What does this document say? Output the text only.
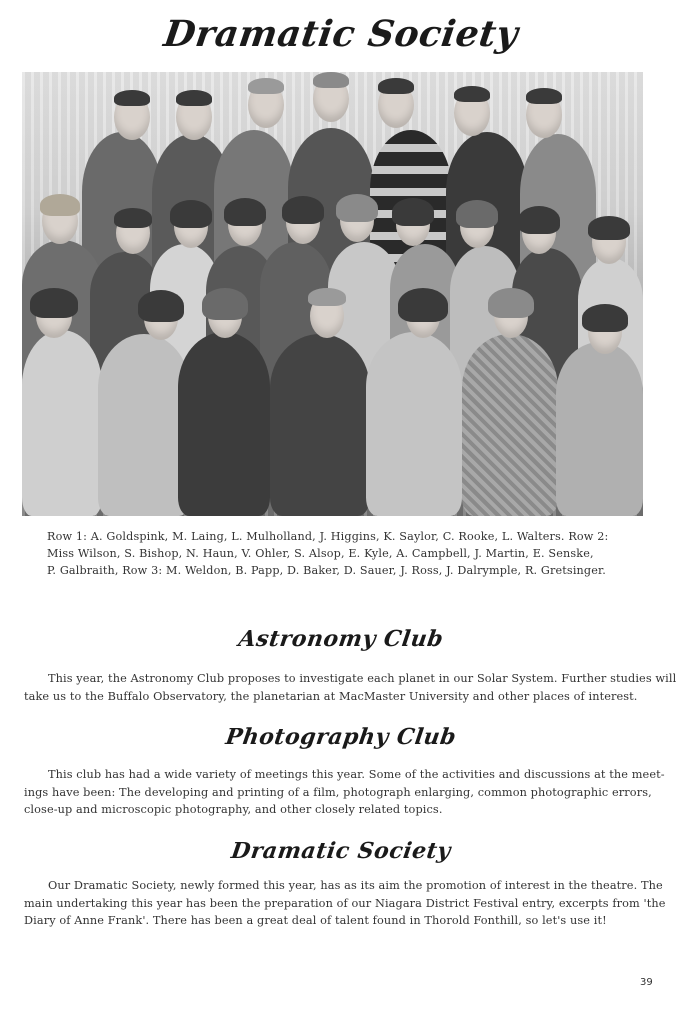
Dramatic Society
Row 1: A. Goldspink, M. Laing, L. Mulholland, J. Higgins, K. Saylor, C. Rooke, L. Walters. Row 2:
Miss Wilson, S. Bishop, N. Haun, V. Ohler, S. Alsop, E. Kyle, A. Campbell, J. Martin, E. Senske,
P. Galbraith, Row 3: M. Weldon, B. Papp, D. Baker, D. Sauer, J. Ross, J. Dalrymple, R. Gretsinger.
Astronomy Club
This year, the Astronomy Club proposes to investigate each planet in our Solar System. Further studies will
take us to the Buffalo Observatory, the planetarian at MacMaster University and other places of interest.
Photography Club
This club has had a wide variety of meetings this year. Some of the activities and discussions at the meet-
ings have been: The developing and printing of a film, photograph enlarging, common photographic errors,
close-up and microscopic photography, and other closely related topics.
Dramatic Society
Our Dramatic Society, newly formed this year, has as its aim the promotion of interest in the theatre. The
main undertaking this year has been the preparation of our Niagara District Festival entry, excerpts from 'the
Diary of Anne Frank'. There has been a great deal of talent found in Thorold Fonthill, so let's use it!
39
